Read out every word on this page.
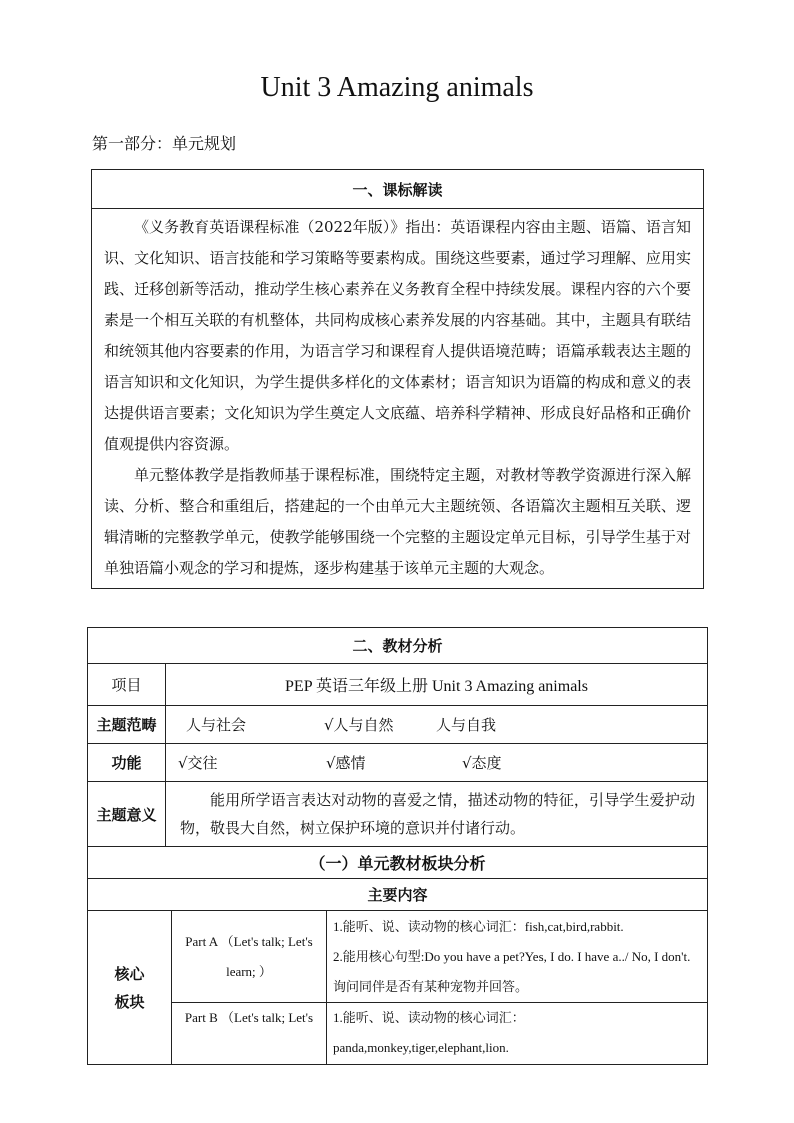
Unit 3 Amazing animals
第一部分：单元规划
一、课标解读

《义务教育英语课程标准（2022年版）》指出：英语课程内容由主题、语篇、语言知识、文化知识、语言技能和学习策略等要素构成。围绕这些要素，通过学习理解、应用实践、迁移创新等活动，推动学生核心素养在义务教育全程中持续发展。课程内容的六个要素是一个相互关联的有机整体，共同构成核心素养发展的内容基础。其中，主题具有联结和统领其他内容要素的作用，为语言学习和课程育人提供语境范畴；语篇承载表达主题的语言知识和文化知识，为学生提供多样化的文体素材；语言知识为语篇的构成和意义的表达提供语言要素；文化知识为学生奠定人文底蕴、培养科学精神、形成良好品格和正确价值观提供内容资源。

单元整体教学是指教师基于课程标准，围绕特定主题，对教材等教学资源进行深入解读、分析、整合和重组后，搭建起的一个由单元大主题统领、各语篇次主题相互关联、逻辑清晰的完整教学单元，使教学能够围绕一个完整的主题设定单元目标，引导学生基于对单独语篇小观念的学习和提炼，逐步构建基于该单元主题的大观念。

二、教材分析			
项目	PEP 英语三年级上册 Unit 3 Amazing animals		
主题范畴	人与社会 √人与自然 人与自我		
功能	√交往 √感情 √态度		
主题意义	能用所学语言表达对动物的喜爱之情，描述动物的特征，引导学生爱护动物，敬畏大自然，树立保护环境的意识并付诸行动。		
（一）单元教材板块分析			
主要内容			
核心板块		Part A （Let's talk; Let's learn; ）	1.能听、说、读动物的核心词汇：fish,cat,bird,rabbit.
2.能用核心句型:Do you have a pet?Yes, I do. I have a../ No, I don't.询问同伴是否有某种宠物并回答。

		Part B （Let's talk; Let's	1.能听、说、读动物的核心词汇：
panda,monkey,tiger,elephant,lion.
